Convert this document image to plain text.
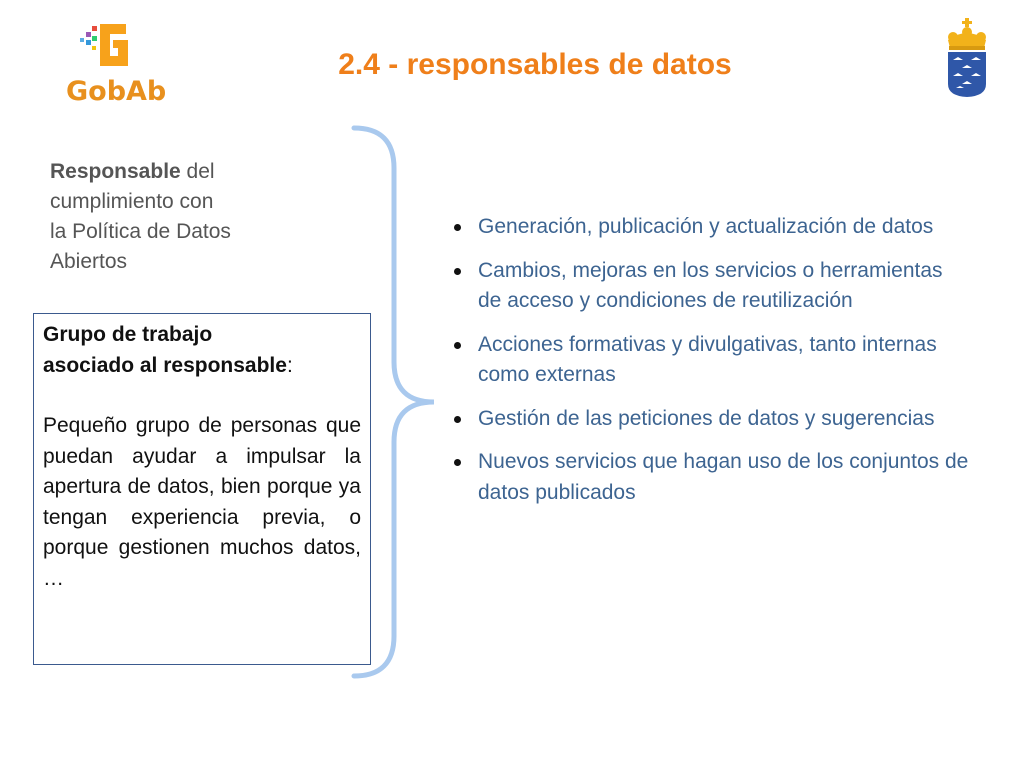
GobAb
2.4 - responsables de datos
Responsable del
cumplimiento con
la Política de Datos
Abiertos
Grupo de trabajo
asociado al responsable:
Pequeño grupo de personas que puedan ayudar a impulsar la apertura de datos, bien porque ya tengan experiencia previa, o porque gestionen muchos datos, …
Generación, publicación y actualización de datos
Cambios, mejoras en los servicios o herramientas de acceso y condiciones de reutilización
Acciones formativas y divulgativas, tanto internas como externas
Gestión de las peticiones de datos y sugerencias
Nuevos servicios que hagan uso de los conjuntos de datos publicados
